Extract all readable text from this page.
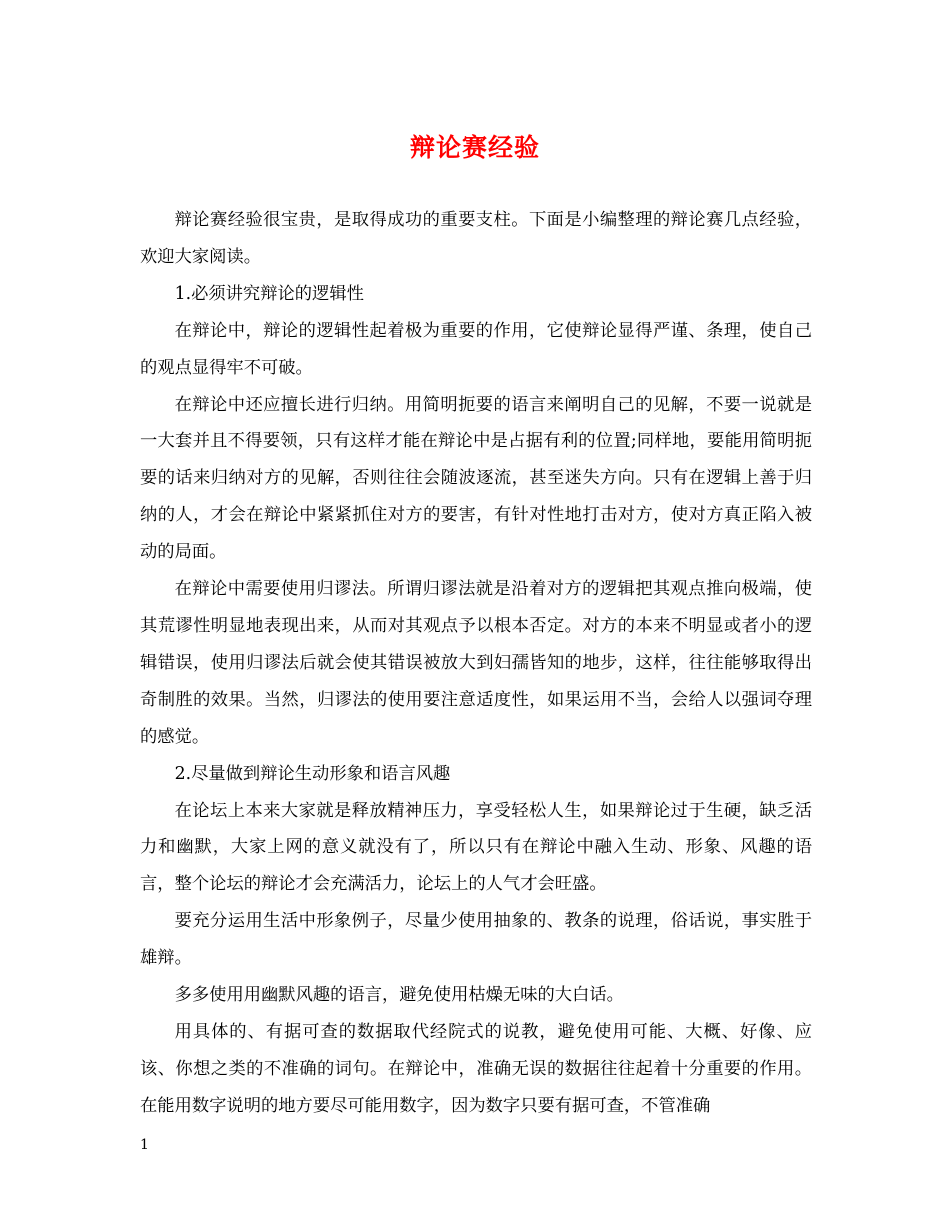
辩论赛经验

辩论赛经验很宝贵，是取得成功的重要支柱。下面是小编整理的辩论赛几点经验，欢迎大家阅读。

1.必须讲究辩论的逻辑性

在辩论中，辩论的逻辑性起着极为重要的作用，它使辩论显得严谨、条理，使自己的观点显得牢不可破。

在辩论中还应擅长进行归纳。用简明扼要的语言来阐明自己的见解，不要一说就是一大套并且不得要领，只有这样才能在辩论中是占据有利的位置;同样地，要能用简明扼要的话来归纳对方的见解，否则往往会随波逐流，甚至迷失方向。只有在逻辑上善于归纳的人，才会在辩论中紧紧抓住对方的要害，有针对性地打击对方，使对方真正陷入被动的局面。

在辩论中需要使用归谬法。所谓归谬法就是沿着对方的逻辑把其观点推向极端，使其荒谬性明显地表现出来，从而对其观点予以根本否定。对方的本来不明显或者小的逻辑错误，使用归谬法后就会使其错误被放大到妇孺皆知的地步，这样，往往能够取得出奇制胜的效果。当然，归谬法的使用要注意适度性，如果运用不当，会给人以强词夺理的感觉。

2.尽量做到辩论生动形象和语言风趣

在论坛上本来大家就是释放精神压力，享受轻松人生，如果辩论过于生硬，缺乏活力和幽默，大家上网的意义就没有了，所以只有在辩论中融入生动、形象、风趣的语言，整个论坛的辩论才会充满活力，论坛上的人气才会旺盛。

要充分运用生活中形象例子，尽量少使用抽象的、教条的说理，俗话说，事实胜于雄辩。

多多使用用幽默风趣的语言，避免使用枯燥无味的大白话。

用具体的、有据可查的数据取代经院式的说教，避免使用可能、大概、好像、应该、你想之类的不准确的词句。在辩论中，准确无误的数据往往起着十分重要的作用。在能用数字说明的地方要尽可能用数字，因为数字只要有据可查，不管准确

1
